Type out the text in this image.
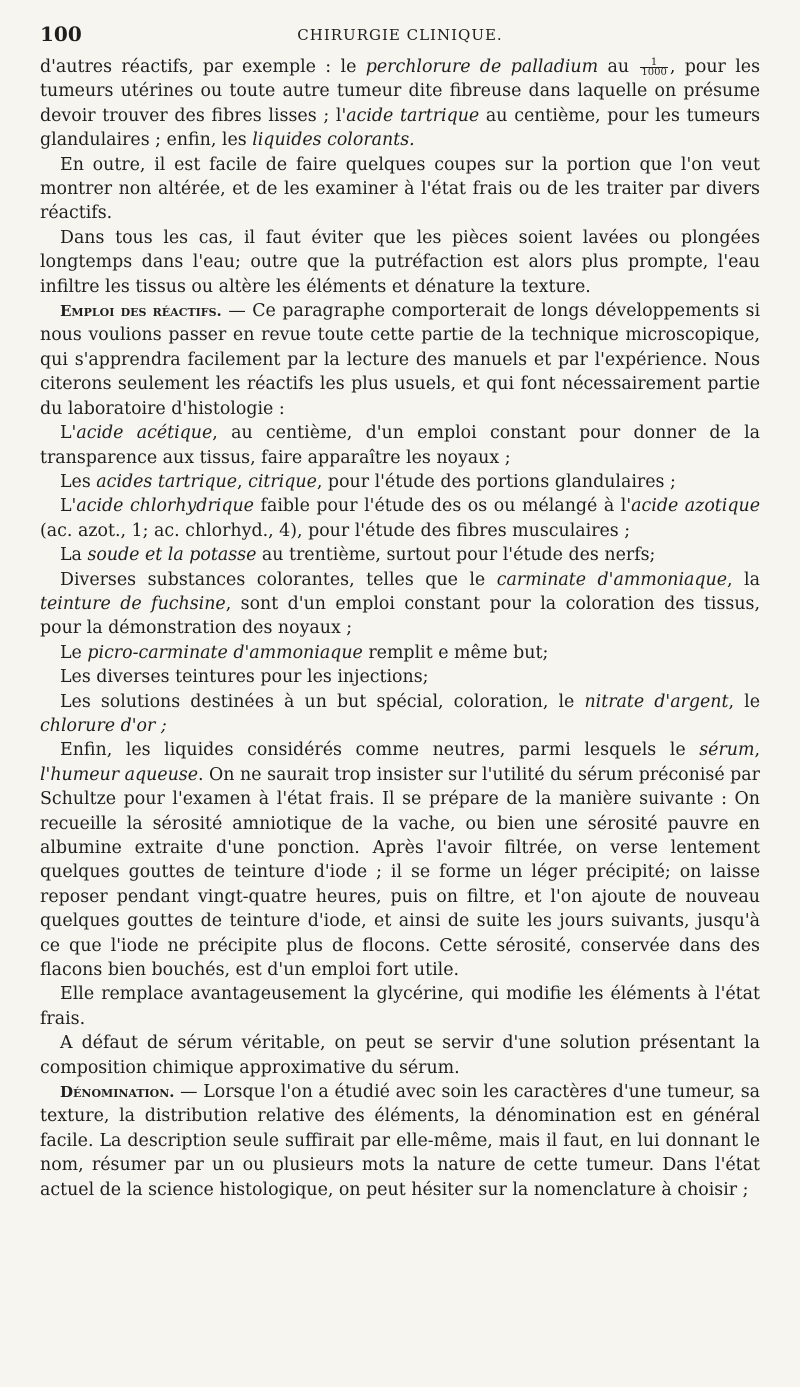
100	CHIRURGIE CLINIQUE.

d'autres réactifs, par exemple : le perchlorure de palladium au $\frac{1}{1000}$ , pour les tumeurs utérines ou toute autre tumeur dite fibreuse dans laquelle on présume devoir trouver des fibres lisses ; l'acide tartrique au centième, pour les tumeurs glandulaires ; enfin, les liquides colorants.

En outre, il est facile de faire quelques coupes sur la portion que l'on veut montrer non altérée, et de les examiner à l'état frais ou de les traiter par divers réactifs.

Dans tous les cas, il faut éviter que les pièces soient lavées ou plongées longtemps dans l'eau; outre que la putréfaction est alors plus prompte, l'eau infiltre les tissus ou altère les éléments et dénature la texture.

Emploi des réactifs. — Ce paragraphe comporterait de longs développements si nous voulions passer en revue toute cette partie de la technique microscopique, qui s'apprendra facilement par la lecture des manuels et par l'expérience. Nous citerons seulement les réactifs les plus usuels, et qui font nécessairement partie du laboratoire d'histologie :

L'acide acétique, au centième, d'un emploi constant pour donner de la transparence aux tissus, faire apparaître les noyaux ;

Les acides tartrique, citrique, pour l'étude des portions glandulaires ;

L'acide chlorhydrique faible pour l'étude des os ou mélangé à l'acide azotique (ac. azot., 1; ac. chlorhyd., 4), pour l'étude des fibres musculaires ;

La soude et la potasse au trentième, surtout pour l'étude des nerfs;

Diverses substances colorantes, telles que le carminate d'ammoniaque, la teinture de fuchsine, sont d'un emploi constant pour la coloration des tissus, pour la démonstration des noyaux ;

Le picro-carminate d'ammoniaque remplit e même but;

Les diverses teintures pour les injections;

Les solutions destinées à un but spécial, coloration, le nitrate d'argent, le chlorure d'or ;

Enfin, les liquides considérés comme neutres, parmi lesquels le sérum, l'humeur aqueuse. On ne saurait trop insister sur l'utilité du sérum préconisé par Schultze pour l'examen à l'état frais. Il se prépare de la manière suivante : On recueille la sérosité amniotique de la vache, ou bien une sérosité pauvre en albumine extraite d'une ponction. Après l'avoir filtrée, on verse lentement quelques gouttes de teinture d'iode ; il se forme un léger précipité; on laisse reposer pendant vingt-quatre heures, puis on filtre, et l'on ajoute de nouveau quelques gouttes de teinture d'iode, et ainsi de suite les jours suivants, jusqu'à ce que l'iode ne précipite plus de flocons. Cette sérosité, conservée dans des flacons bien bouchés, est d'un emploi fort utile.

Elle remplace avantageusement la glycérine, qui modifie les éléments à l'état frais.

A défaut de sérum véritable, on peut se servir d'une solution présentant la composition chimique approximative du sérum.

Dénomination. — Lorsque l'on a étudié avec soin les caractères d'une tumeur, sa texture, la distribution relative des éléments, la dénomination est en général facile. La description seule suffirait par elle-même, mais il faut, en lui donnant le nom, résumer par un ou plusieurs mots la nature de cette tumeur. Dans l'état actuel de la science histologique, on peut hésiter sur la nomenclature à choisir ;
